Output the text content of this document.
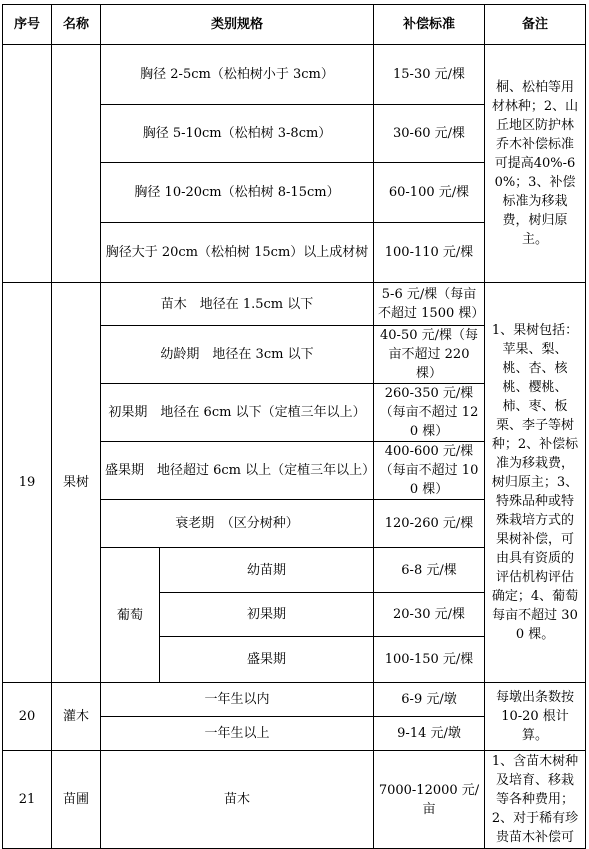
序号	名称	类别规格		补偿标准	备注
		胸径 2-5cm（松柏树小于 3cm）		15-30 元/棵	桐、松柏等用材林种；2、山丘地区防护林乔木补偿标准可提高40%-60%；3、补偿标准为移栽费，树归原主。
		胸径 5-10cm（松柏树 3-8cm）		30-60 元/棵	
		胸径 10-20cm（松柏树 8-15cm）		60-100 元/棵	
		胸径大于 20cm（松柏树 15cm）以上成材树		100-110 元/棵	
19	果树	苗木　地径在 1.5cm 以下		5-6 元/棵（每亩不超过 1500 棵）	1、果树包括：苹果、梨、桃、杏、核桃、樱桃、柿、枣、板栗、李子等树种；2、补偿标准为移栽费，树归原主；3、特殊品种或特殊栽培方式的果树补偿，可由具有资质的评估机构评估确定；4、葡萄每亩不超过 300 棵。
		幼龄期　地径在 3cm 以下		40-50 元/棵（每亩不超过 220 棵）	
		初果期　地径在 6cm 以下（定植三年以上）		260-350 元/棵（每亩不超过 120 棵）	
		盛果期　地径超过 6cm 以上（定植三年以上）		400-600 元/棵（每亩不超过 100 棵）	
		衰老期　（区分树种）		120-260 元/棵	
		葡萄	幼苗期	6-8 元/棵	
			初果期	20-30 元/棵	
			盛果期	100-150 元/棵	
20	灌木	一年生以内		6-9 元/墩	每墩出条数按 10-20 根计算。
		一年生以上		9-14 元/墩	
21	苗圃	苗木		7000-12000 元/亩	1、含苗木树种及培育、移栽等各种费用；2、对于稀有珍贵苗木补偿可
